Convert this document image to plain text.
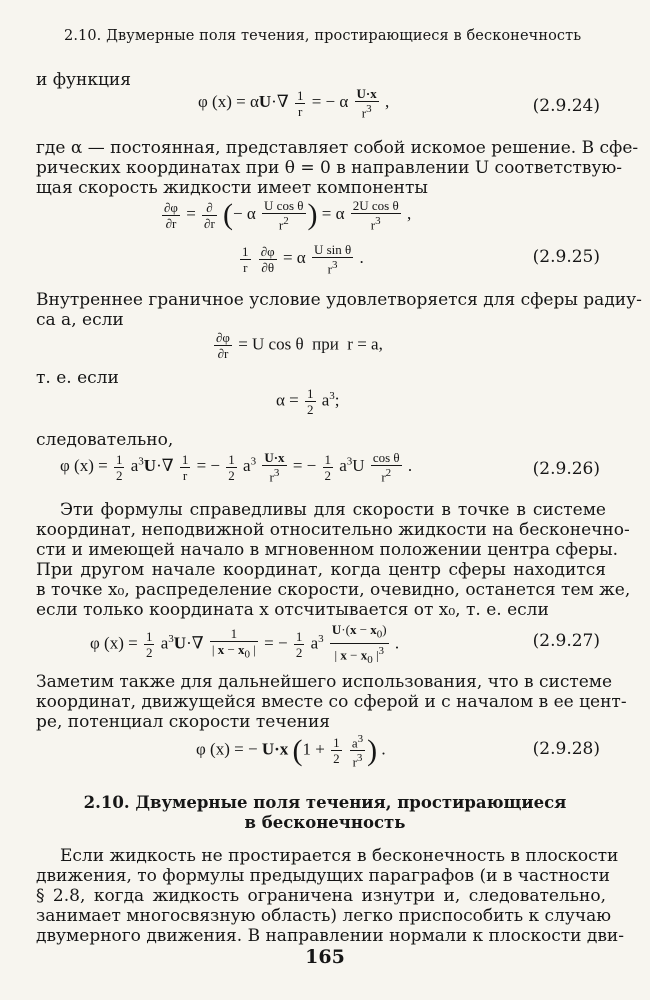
2.10. Двумерные поля течения, простирающиеся в бесконечность
и функция
φ $(x) = \alpha U\cdot\nabla \frac{1}{r}$ = − α $\frac{U\cdot x}{r^3}$ ,	(2.9.24)
где α — постоянная, представляет собой искомое решение. В сфе-
рических координатах при θ = 0 в направлении U соответствую-
щая скорость жидкости имеет компоненты
$\frac{\partial\varphi}{\partial r}$ = ∂
∂r (− α $\frac{\text{U cos θ}}{r^2}$ ) = α $\frac{\text{2U cos θ}}{r^3}$ ,
$\frac{1}{r}$
$\frac{\partial\varphi}{\partial\theta} = \alpha \frac{\text{U sin θ}}{r^3}$ .	(2.9.25)
Внутреннее граничное условие удовлетворяется для сферы радиу-
са a, если
$\frac{\partial\varphi}{\partial r} = U$ cos θ  при  r = a,
т. е. если
$\alpha = \frac{1}{2} a^3$;
следовательно,
φ $(x) = \frac{1}{2} a^3U\cdot\nabla \frac{1}{r}$ = − $\frac{1}{2} a^3 \frac{U\cdot x}{r^3}$ = − $\frac{1}{2} a^3U \frac{\text{cos θ}}{r^2}$ .	(2.9.26)
Эти формулы справедливы для скорости в точке в системе
координат, неподвижной относительно жидкости на бесконечно-
сти и имеющей начало в мгновенном положении центра сферы.
При другом начале координат, когда центр сферы находится
в точке x₀, распределение скорости, очевидно, останется тем же,
если только координата x отсчитывается от x₀, т. е. если
φ $(x) = \frac{1}{2} a^3U\cdot\nabla \frac{1}{| x - x_0 |}$ = − $\frac{1}{2} a^3 \frac{U\cdot(x - x_0)}{| x - x_0 |^3}$ .	(2.9.27)
Заметим также для дальнейшего использования, что в системе
координат, движущейся вместе со сферой и с началом в ее цент-
ре, потенциал скорости течения
φ (x) = − U·x ($1 + \frac{1}{2}$
$\frac{a^3}{r^3}$ ) .	(2.9.28)
2.10. Двумерные поля течения, простирающиеся
в бесконечность
Если жидкость не простирается в бесконечность в плоскости
движения, то формулы предыдущих параграфов (и в частности
§ 2.8, когда жидкость ограничена изнутри и, следовательно,
занимает многосвязную область) легко приспособить к случаю
двумерного движения. В направлении нормали к плоскости дви-
165
